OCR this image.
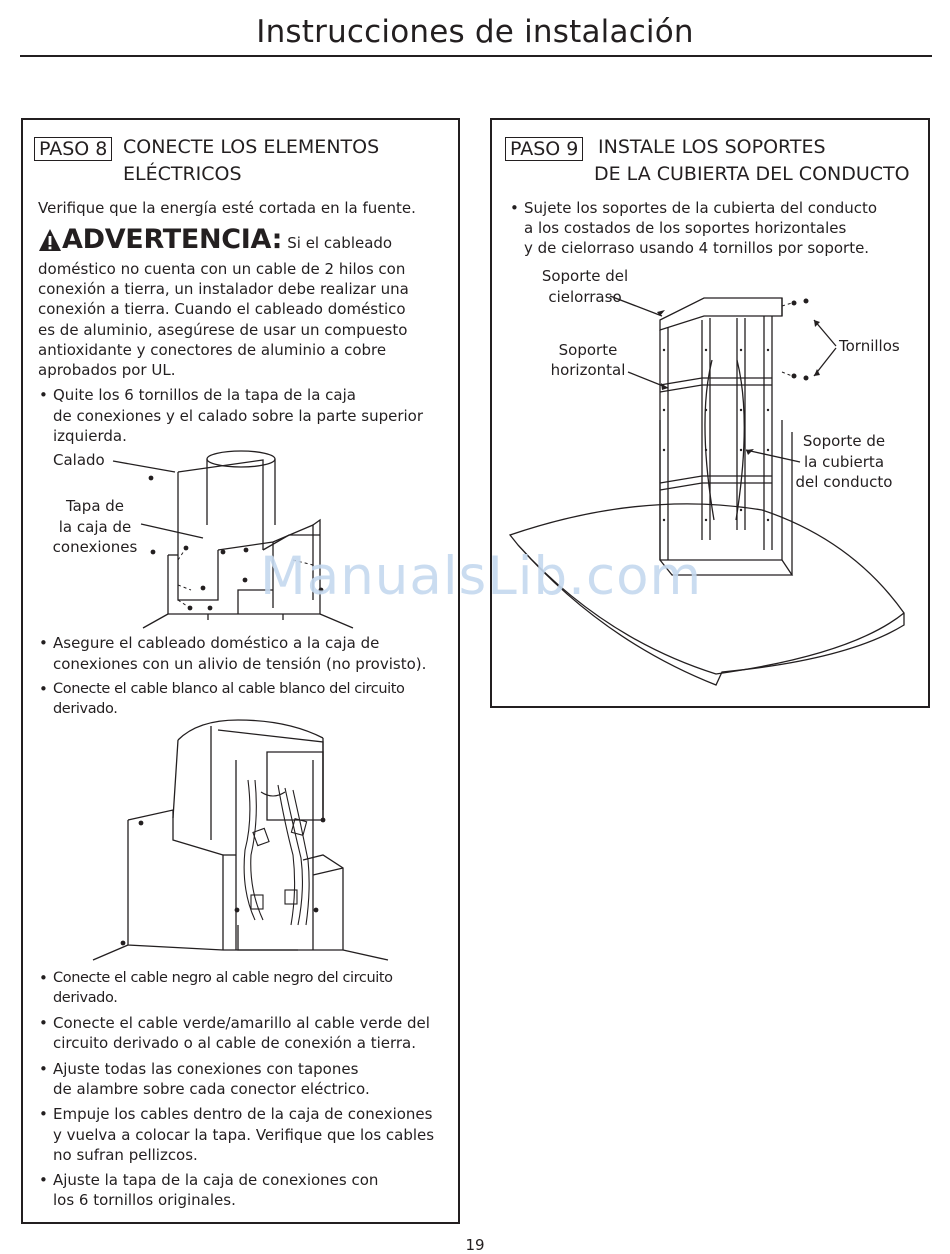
Instrucciones de instalación
PASO 8 CONECTE LOS ELEMENTOS
ELÉCTRICOS
Verifique que la energía esté cortada en la fuente.
ADVERTENCIA: Si el cableado
doméstico no cuenta con un cable de 2 hilos con
conexión a tierra, un instalador debe realizar una
conexión a tierra. Cuando el cableado doméstico
es de aluminio, asegúrese de usar un compuesto
antioxidante y conectores de aluminio a cobre
aprobados por UL.
• Quite los 6 tornillos de la tapa de la caja
de conexiones y el calado sobre la parte superior
izquierda.
Calado
Tapa de
la caja de
conexiones
• Asegure el cableado doméstico a la caja de
conexiones con un alivio de tensión (no provisto).
• Conecte el cable blanco al cable blanco del circuito
derivado.
• Conecte el cable negro al cable negro del circuito
derivado.
• Conecte el cable verde/amarillo al cable verde del
circuito derivado o al cable de conexión a tierra.
• Ajuste todas las conexiones con tapones
de alambre sobre cada conector eléctrico.
• Empuje los cables dentro de la caja de conexiones
y vuelva a colocar la tapa. Verifique que los cables
no sufran pellizcos.
• Ajuste la tapa de la caja de conexiones con
los 6 tornillos originales.
PASO 9 INSTALE LOS SOPORTES
DE LA CUBIERTA DEL CONDUCTO
• Sujete los soportes de la cubierta del conducto
a los costados de los soportes horizontales
y de cielorraso usando 4 tornillos por soporte.
Soporte del
cielorraso
Soporte
horizontal
Tornillos
Soporte de
la cubierta
del conducto
ManualsLib.com
19
